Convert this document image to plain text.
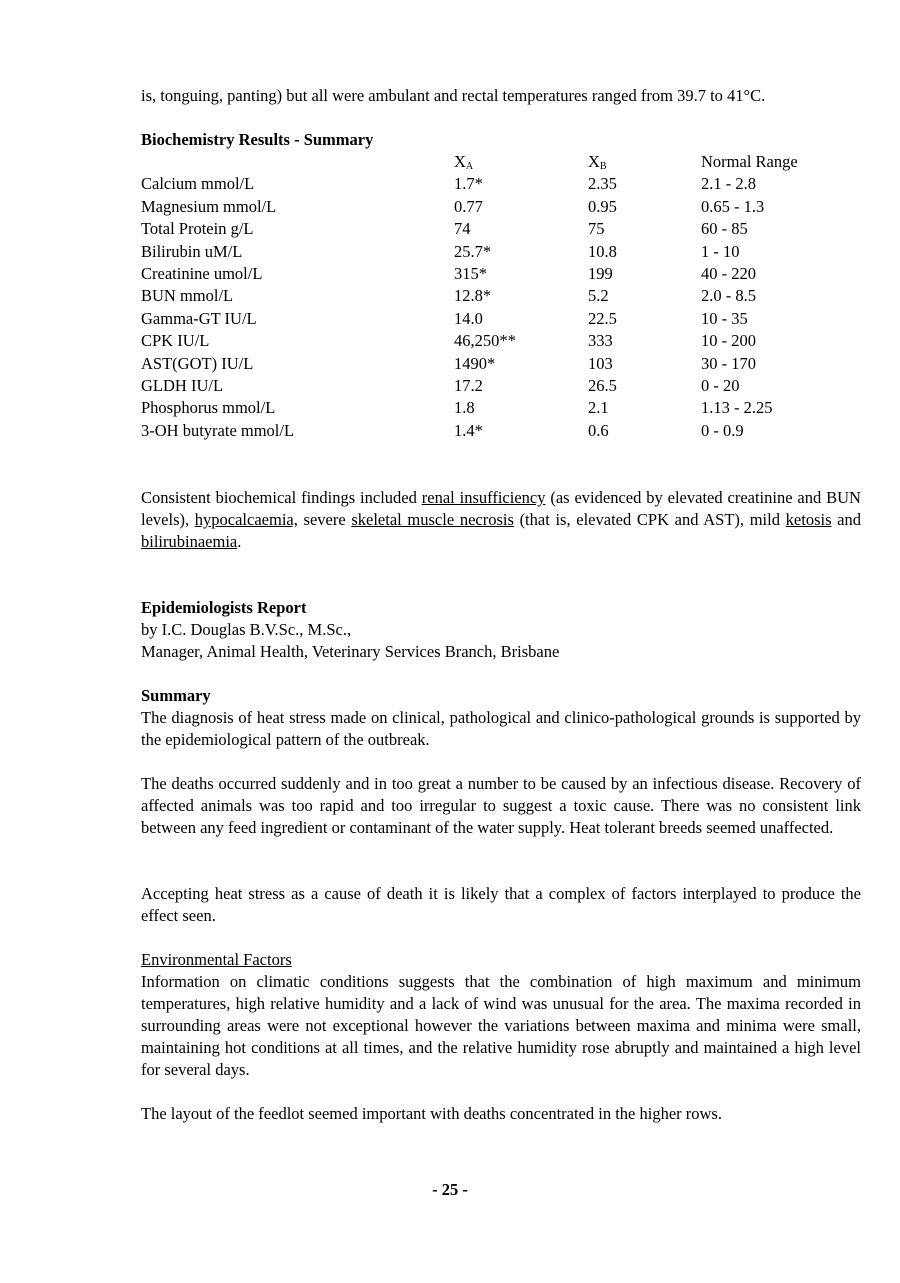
is, tonguing, panting) but all were ambulant and rectal temperatures ranged from 39.7 to 41°C.

Biochemistry Results - Summary

	$X_A$	$X_B$	Normal Range
Calcium mmol/L	1.7*	2.35	2.1 - 2.8
Magnesium mmol/L	0.77	0.95	0.65 - 1.3
Total Protein g/L	74	75	60 - 85
Bilirubin uM/L	25.7*	10.8	1 - 10
Creatinine umol/L	315*	199	40 - 220
BUN mmol/L	12.8*	5.2	2.0 - 8.5
Gamma-GT IU/L	14.0	22.5	10 - 35
CPK IU/L	46,250**	333	10 - 200
AST(GOT) IU/L	1490*	103	30 - 170
GLDH IU/L	17.2	26.5	0 - 20
Phosphorus mmol/L	1.8	2.1	1.13 - 2.25
3-OH butyrate mmol/L	1.4*	0.6	0 - 0.9

Consistent biochemical findings included renal insufficiency (as evidenced by elevated creatinine and BUN levels), hypocalcaemia, severe skeletal muscle necrosis (that is, elevated CPK and AST), mild ketosis and bilirubinaemia.

Epidemiologists Report

by I.C. Douglas B.V.Sc., M.Sc.,

Manager, Animal Health, Veterinary Services Branch, Brisbane

Summary

The diagnosis of heat stress made on clinical, pathological and clinico-pathological grounds is supported by the epidemiological pattern of the outbreak.

The deaths occurred suddenly and in too great a number to be caused by an infectious disease. Recovery of affected animals was too rapid and too irregular to suggest a toxic cause. There was no consistent link between any feed ingredient or contaminant of the water supply. Heat tolerant breeds seemed unaffected.

Accepting heat stress as a cause of death it is likely that a complex of factors interplayed to produce the effect seen.

Environmental Factors

Information on climatic conditions suggests that the combination of high maximum and minimum temperatures, high relative humidity and a lack of wind was unusual for the area. The maxima recorded in surrounding areas were not exceptional however the variations between maxima and minima were small, maintaining hot conditions at all times, and the relative humidity rose abruptly and maintained a high level for several days.

The layout of the feedlot seemed important with deaths concentrated in the higher rows.

- 25 -
